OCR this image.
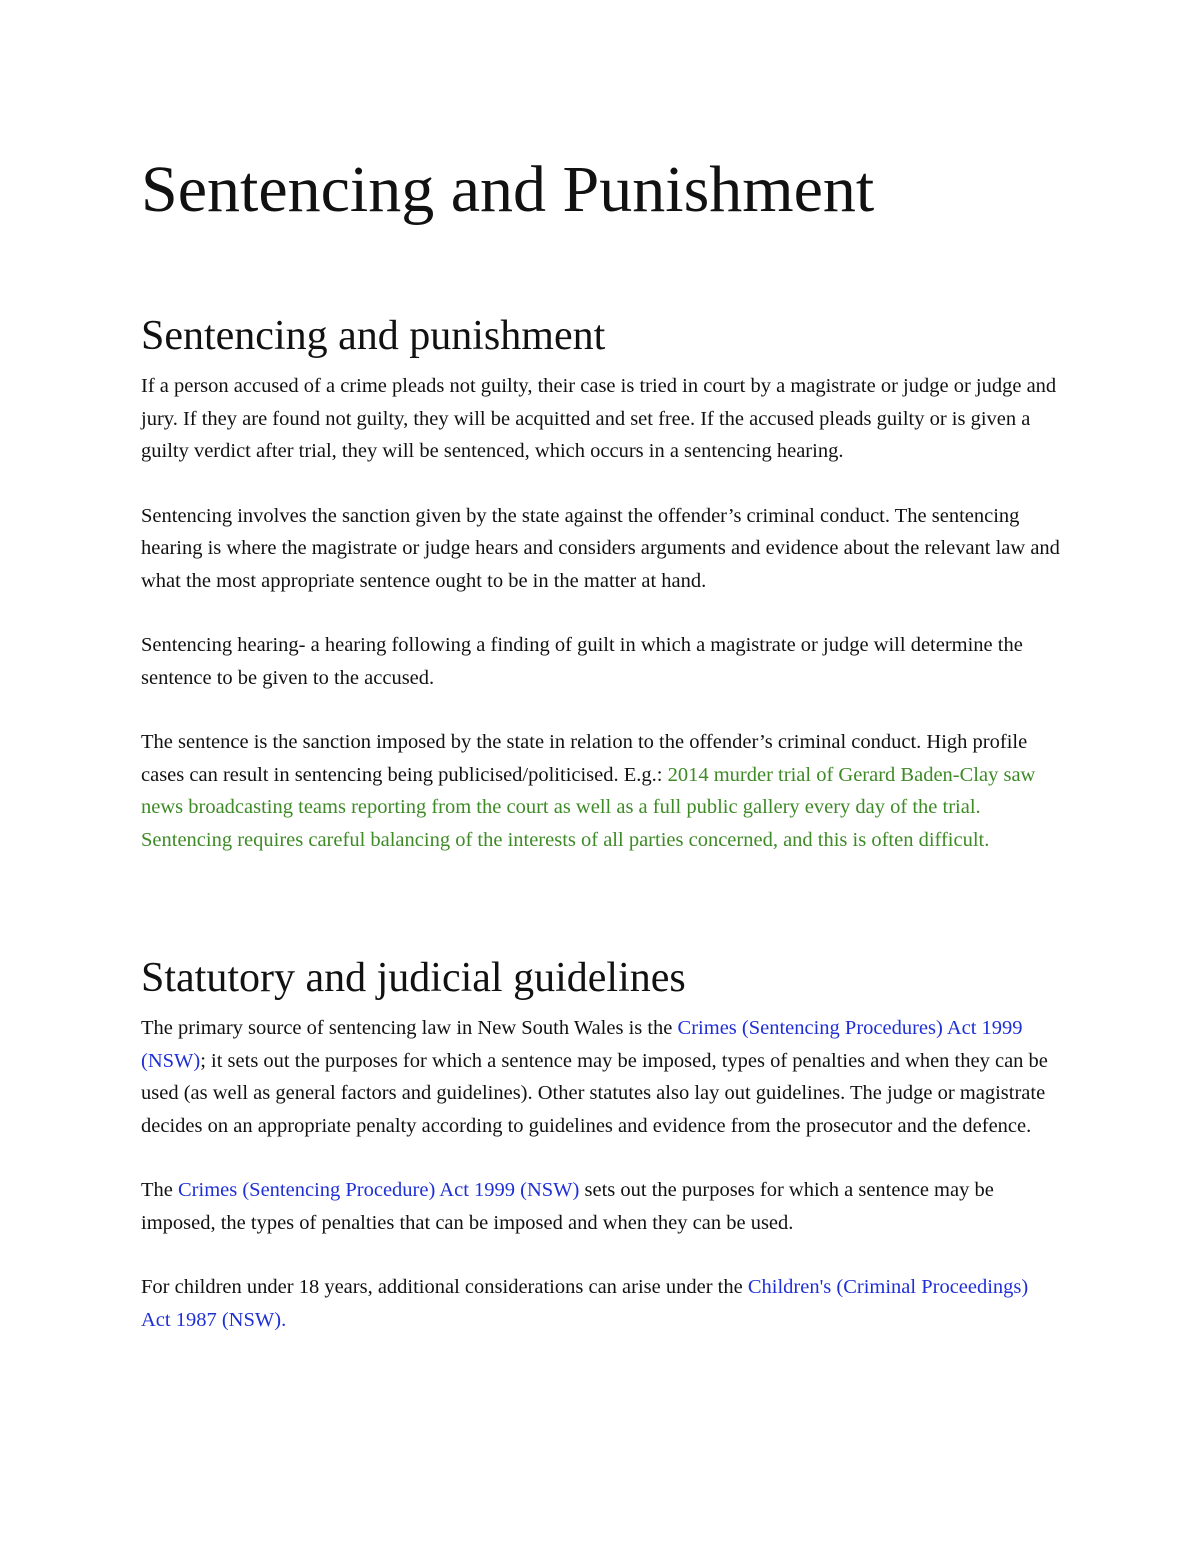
Sentencing and Punishment
Sentencing and punishment

If a person accused of a crime pleads not guilty, their case is tried in court by a magistrate or judge or judge and jury. If they are found not guilty, they will be acquitted and set free. If the accused pleads guilty or is given a guilty verdict after trial, they will be sentenced, which occurs in a sentencing hearing.

Sentencing involves the sanction given by the state against the offender’s criminal conduct. The sentencing hearing is where the magistrate or judge hears and considers arguments and evidence about the relevant law and what the most appropriate sentence ought to be in the matter at hand.

Sentencing hearing- a hearing following a finding of guilt in which a magistrate or judge will determine the sentence to be given to the accused.

The sentence is the sanction imposed by the state in relation to the offender’s criminal conduct. High profile cases can result in sentencing being publicised/politicised. E.g.: 2014 murder trial of Gerard Baden-Clay saw news broadcasting teams reporting from the court as well as a full public gallery every day of the trial. Sentencing requires careful balancing of the interests of all parties concerned, and this is often difficult.

Statutory and judicial guidelines

The primary source of sentencing law in New South Wales is the Crimes (Sentencing Procedures) Act 1999 (NSW); it sets out the purposes for which a sentence may be imposed, types of penalties and when they can be used (as well as general factors and guidelines). Other statutes also lay out guidelines. The judge or magistrate decides on an appropriate penalty according to guidelines and evidence from the prosecutor and the defence.

The Crimes (Sentencing Procedure) Act 1999 (NSW) sets out the purposes for which a sentence may be imposed, the types of penalties that can be imposed and when they can be used.

For children under 18 years, additional considerations can arise under the Children's (Criminal Proceedings) Act 1987 (NSW).
